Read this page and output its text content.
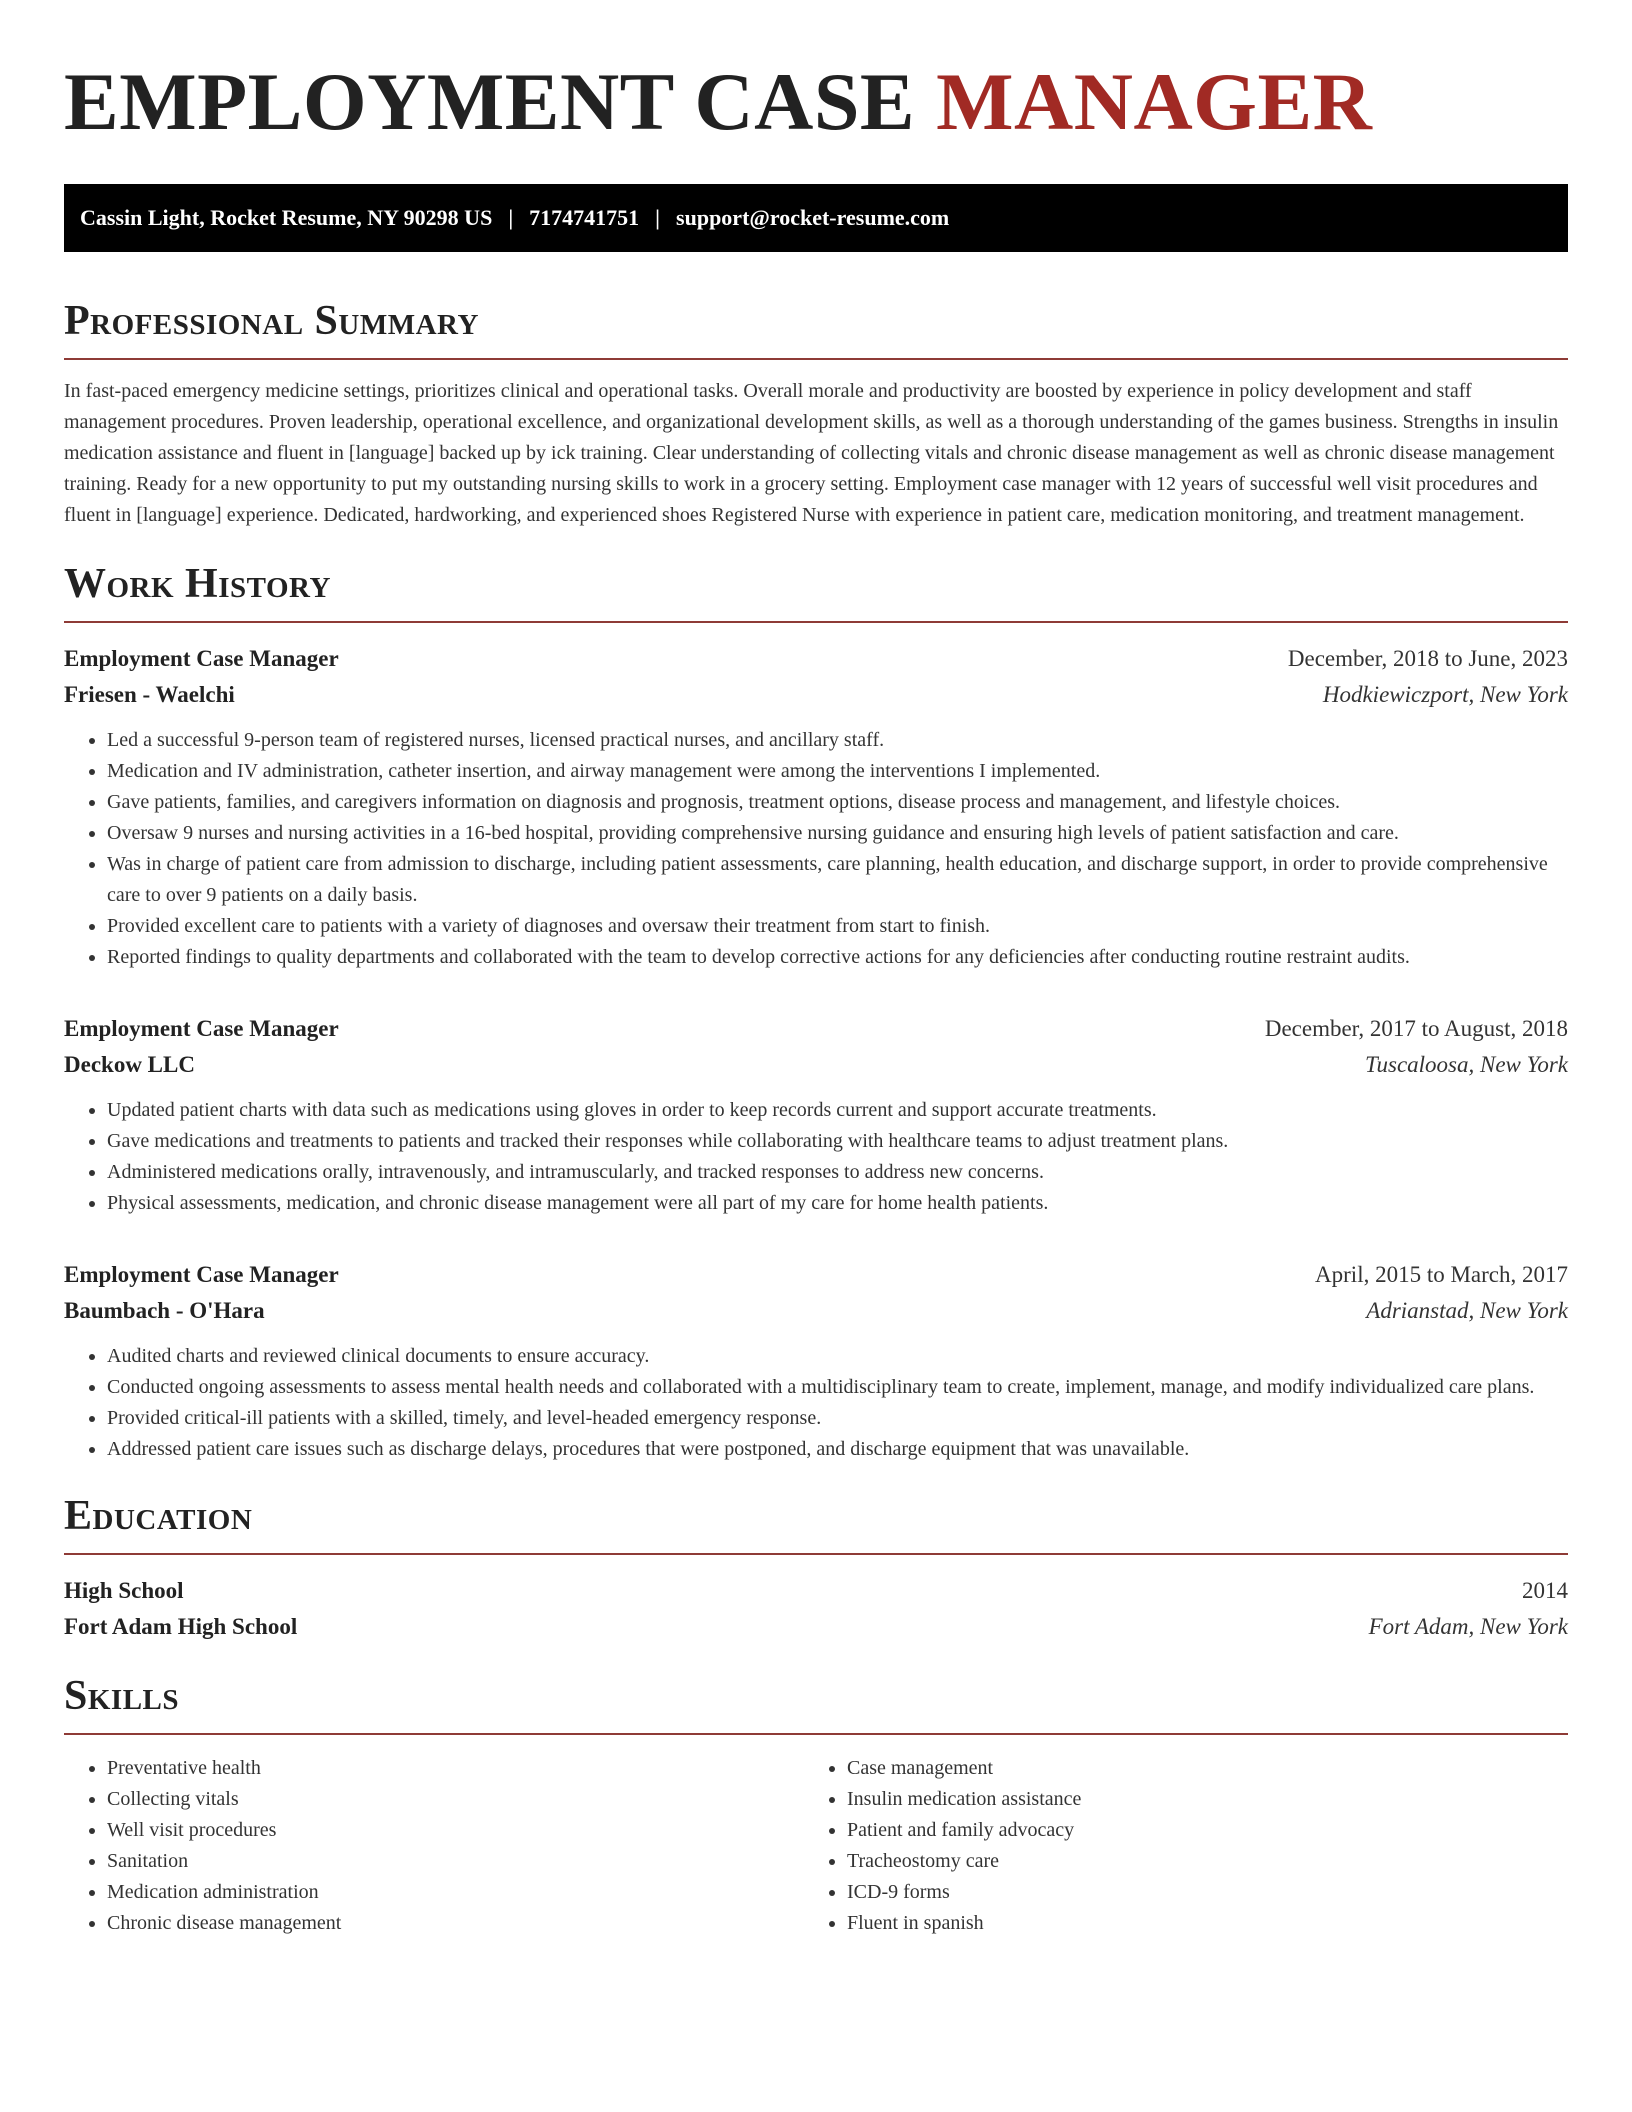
EMPLOYMENT CASE MANAGER
Cassin Light, Rocket Resume, NY 90298 US | 7174741751 | support@rocket-resume.com
Professional Summary

In fast-paced emergency medicine settings, prioritizes clinical and operational tasks. Overall morale and productivity are boosted by experience in policy development and staff management procedures. Proven leadership, operational excellence, and organizational development skills, as well as a thorough understanding of the games business. Strengths in insulin medication assistance and fluent in [language] backed up by ick training. Clear understanding of collecting vitals and chronic disease management as well as chronic disease management training. Ready for a new opportunity to put my outstanding nursing skills to work in a grocery setting. Employment case manager with 12 years of successful well visit procedures and fluent in [language] experience. Dedicated, hardworking, and experienced shoes Registered Nurse with experience in patient care, medication monitoring, and treatment management.

Work History
Employment Case Manager	December, 2018 to June, 2023
Friesen - Waelchi	Hodkiewiczport, New York
• Led a successful 9-person team of registered nurses, licensed practical nurses, and ancillary staff.
• Medication and IV administration, catheter insertion, and airway management were among the interventions I implemented.
• Gave patients, families, and caregivers information on diagnosis and prognosis, treatment options, disease process and management, and lifestyle choices.
• Oversaw 9 nurses and nursing activities in a 16-bed hospital, providing comprehensive nursing guidance and ensuring high levels of patient satisfaction and care.
• Was in charge of patient care from admission to discharge, including patient assessments, care planning, health education, and discharge support, in order to provide comprehensive care to over 9 patients on a daily basis.
• Provided excellent care to patients with a variety of diagnoses and oversaw their treatment from start to finish.
• Reported findings to quality departments and collaborated with the team to develop corrective actions for any deficiencies after conducting routine restraint audits.
Employment Case Manager	December, 2017 to August, 2018
Deckow LLC	Tuscaloosa, New York
• Updated patient charts with data such as medications using gloves in order to keep records current and support accurate treatments.
• Gave medications and treatments to patients and tracked their responses while collaborating with healthcare teams to adjust treatment plans.
• Administered medications orally, intravenously, and intramuscularly, and tracked responses to address new concerns.
• Physical assessments, medication, and chronic disease management were all part of my care for home health patients.
Employment Case Manager	April, 2015 to March, 2017
Baumbach - O'Hara	Adrianstad, New York
• Audited charts and reviewed clinical documents to ensure accuracy.
• Conducted ongoing assessments to assess mental health needs and collaborated with a multidisciplinary team to create, implement, manage, and modify individualized care plans.
• Provided critical-ill patients with a skilled, timely, and level-headed emergency response.
• Addressed patient care issues such as discharge delays, procedures that were postponed, and discharge equipment that was unavailable.
Education
High School	2014
Fort Adam High School	Fort Adam, New York
Skills
• Preventative health
• Collecting vitals
• Well visit procedures
• Sanitation
• Medication administration
• Chronic disease management
• Case management
• Insulin medication assistance
• Patient and family advocacy
• Tracheostomy care
• ICD-9 forms
• Fluent in spanish
